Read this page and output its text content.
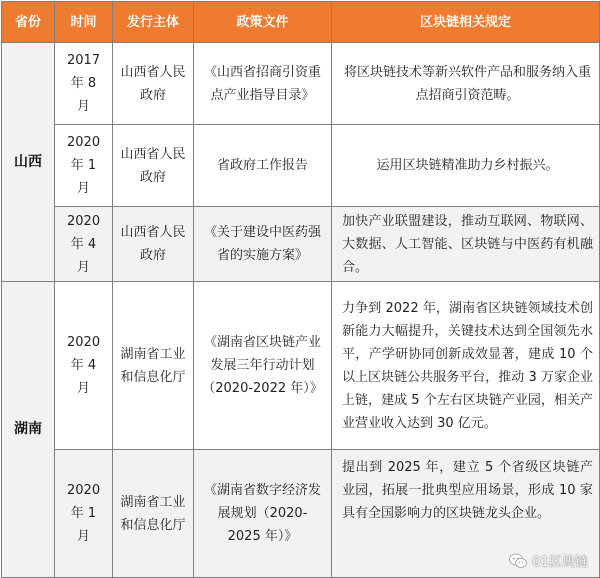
省份	时间	发行主体	政策文件	区块链相关规定
山西	2017 年 8 月	山西省人民政府	《山西省招商引资重点产业指导目录》	将区块链技术等新兴软件产品和服务纳入重点招商引资范畴。

	2020 年 1 月	山西省人民政府	省政府工作报告	运用区块链精准助力乡村振兴。

	2020 年 4 月	山西省人民政府	《关于建设中医药强省的实施方案》	加快产业联盟建设，推动互联网、物联网、大数据、人工智能、区块链与中医药有机融合。

湖南	2020 年 4 月	湖南省工业和信息化厅	《湖南省区块链产业发展三年行动计划（2020-2022 年）》	力争到 2022 年，湖南省区块链领域技术创新能力大幅提升，关键技术达到全国领先水平，产学研协同创新成效显著，建成 10 个以上区块链公共服务平台，推动 3 万家企业上链，建成 5 个左右区块链产业园，相关产业营业收入达到 30 亿元。

	2020 年 1 月	湖南省工业和信息化厅	《湖南省数字经济发展规划（2020-2025 年）》	提出到 2025 年，建立 5 个省级区块链产业园，拓展一批典型应用场景，形成 10 家具有全国影响力的区块链龙头企业。
01区块链
